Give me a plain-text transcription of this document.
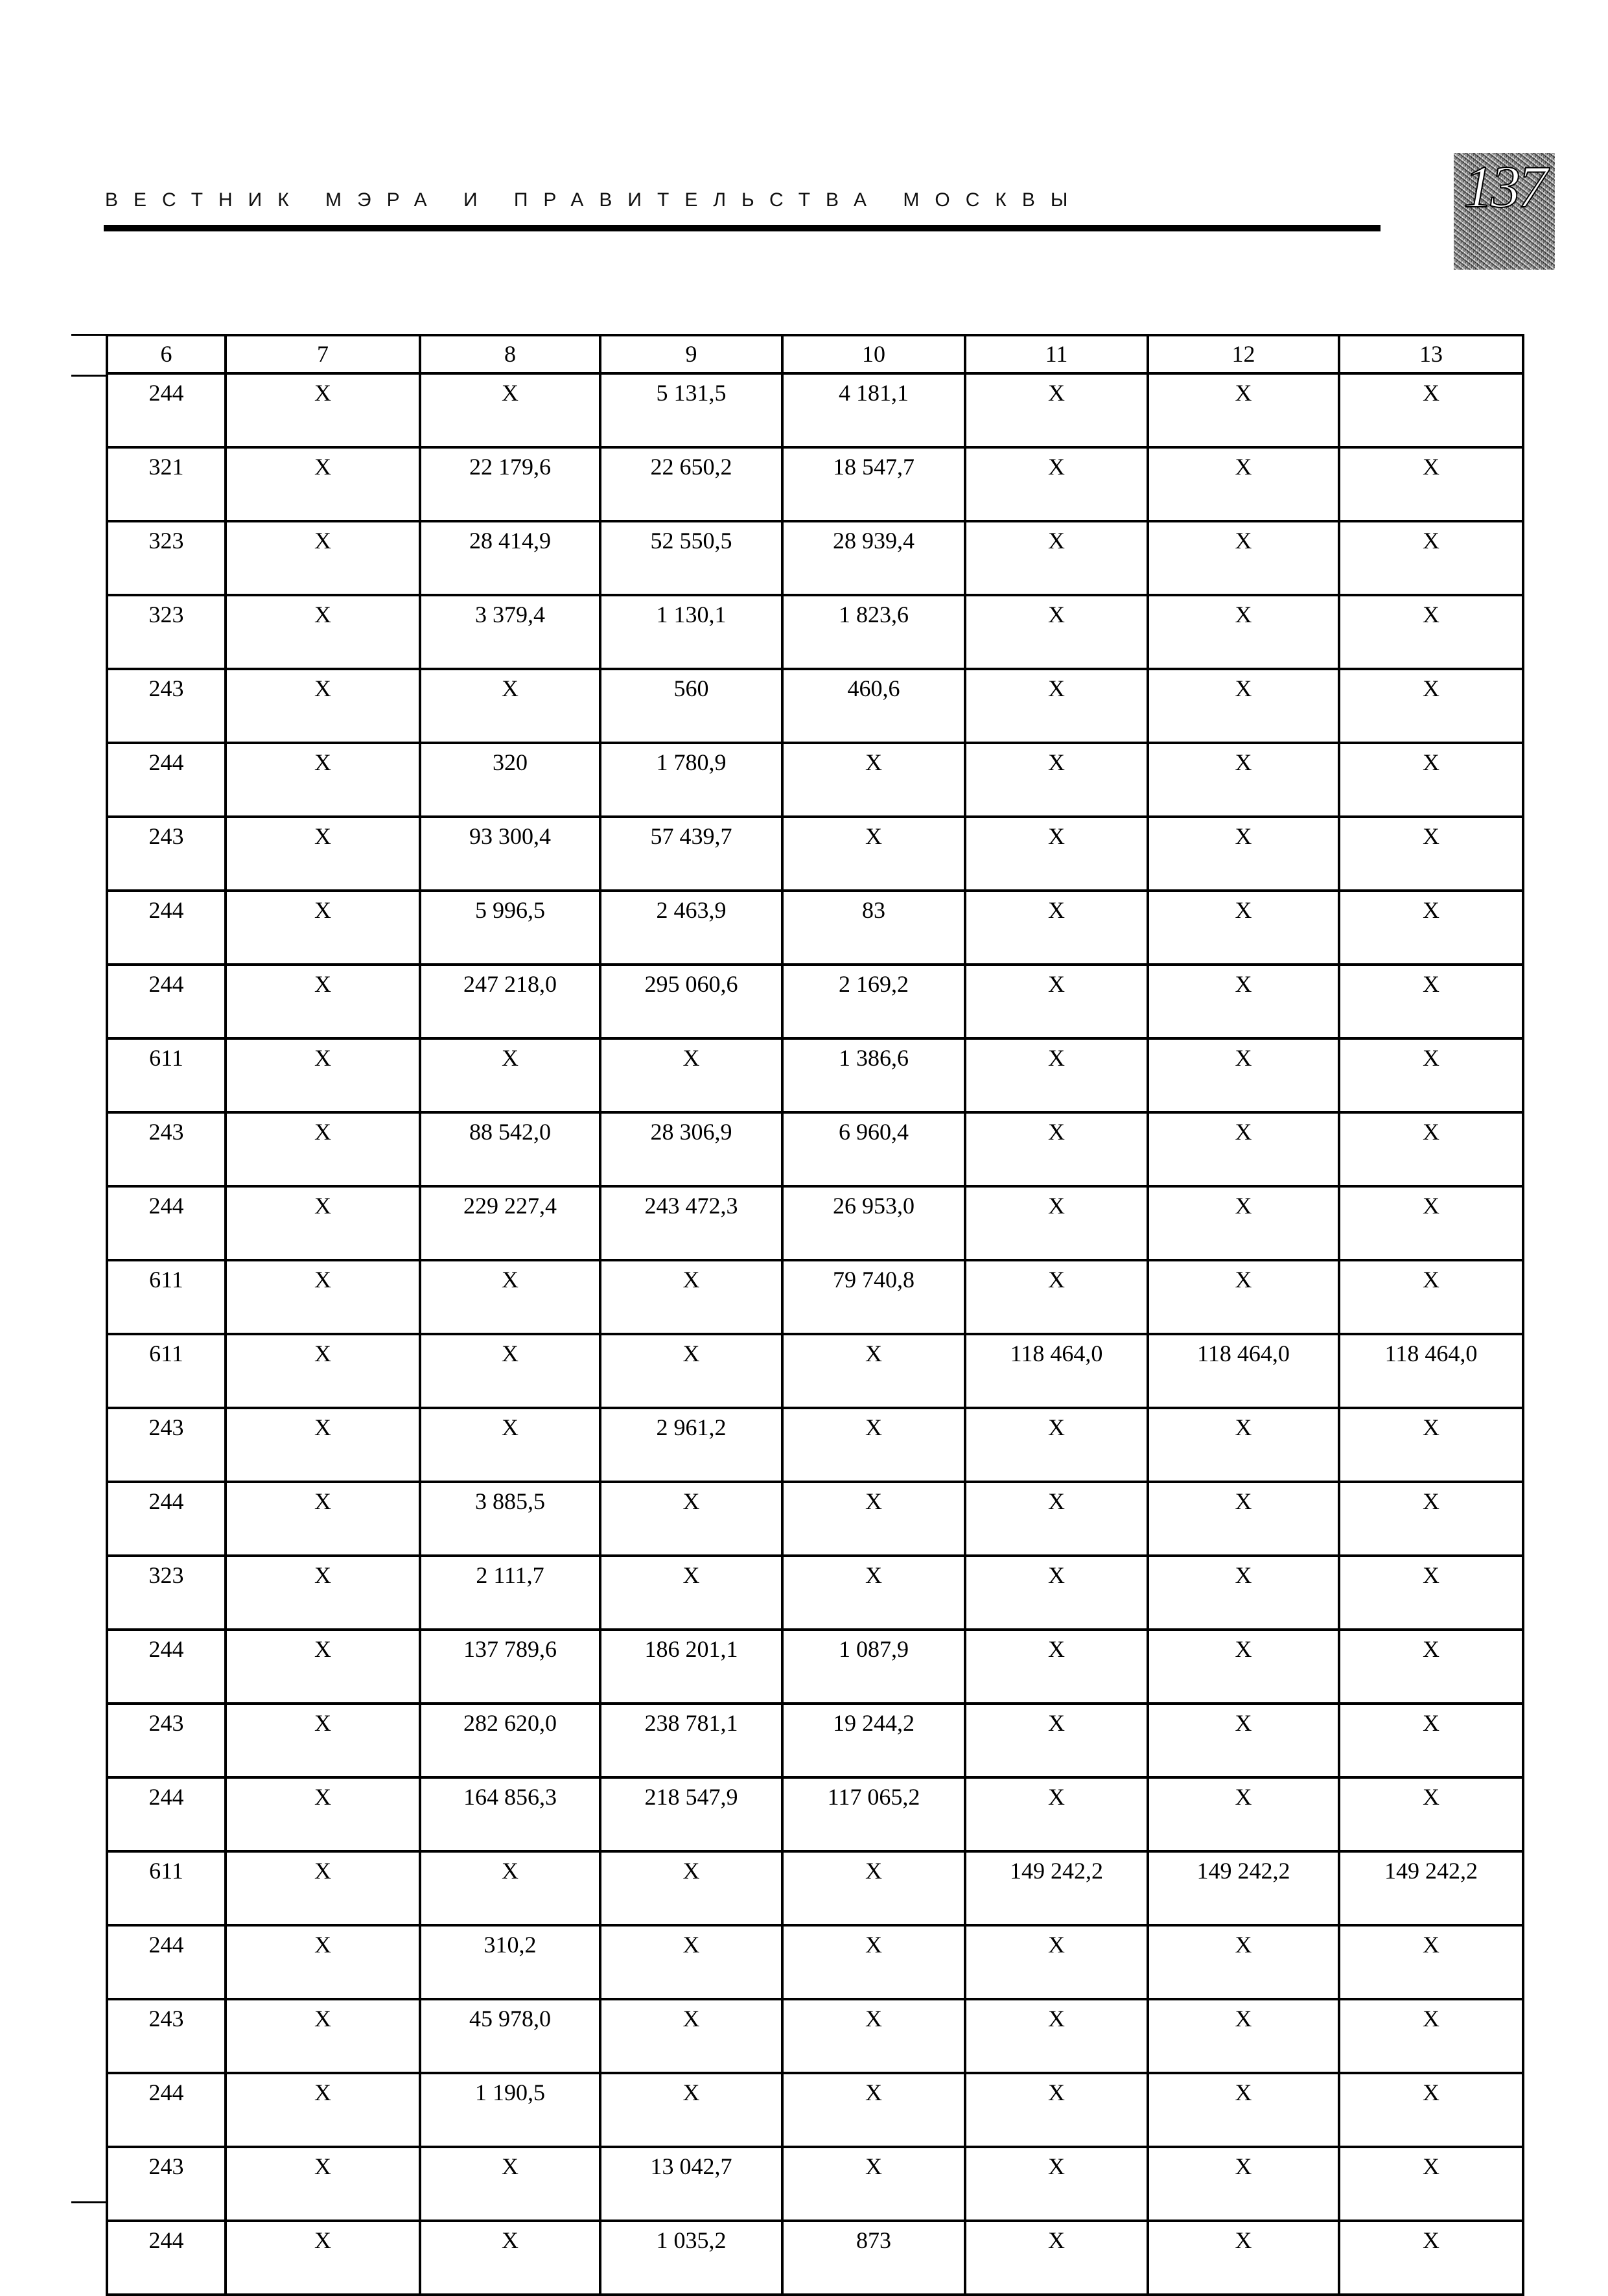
ВЕСТНИК МЭРА И ПРАВИТЕЛЬСТВА МОСКВЫ	137
6	7	8	9	10	11	12	13
244	X	X	5 131,5	4 181,1	X	X	X
321	X	22 179,6	22 650,2	18 547,7	X	X	X
323	X	28 414,9	52 550,5	28 939,4	X	X	X
323	X	3 379,4	1 130,1	1 823,6	X	X	X
243	X	X	560	460,6	X	X	X
244	X	320	1 780,9	X	X	X	X
243	X	93 300,4	57 439,7	X	X	X	X
244	X	5 996,5	2 463,9	83	X	X	X
244	X	247 218,0	295 060,6	2 169,2	X	X	X
611	X	X	X	1 386,6	X	X	X
243	X	88 542,0	28 306,9	6 960,4	X	X	X
244	X	229 227,4	243 472,3	26 953,0	X	X	X
611	X	X	X	79 740,8	X	X	X
611	X	X	X	X	118 464,0	118 464,0	118 464,0
243	X	X	2 961,2	X	X	X	X
244	X	3 885,5	X	X	X	X	X
323	X	2 111,7	X	X	X	X	X
244	X	137 789,6	186 201,1	1 087,9	X	X	X
243	X	282 620,0	238 781,1	19 244,2	X	X	X
244	X	164 856,3	218 547,9	117 065,2	X	X	X
611	X	X	X	X	149 242,2	149 242,2	149 242,2
244	X	310,2	X	X	X	X	X
243	X	45 978,0	X	X	X	X	X
244	X	1 190,5	X	X	X	X	X
243	X	X	13 042,7	X	X	X	X
244	X	X	1 035,2	873	X	X	X
